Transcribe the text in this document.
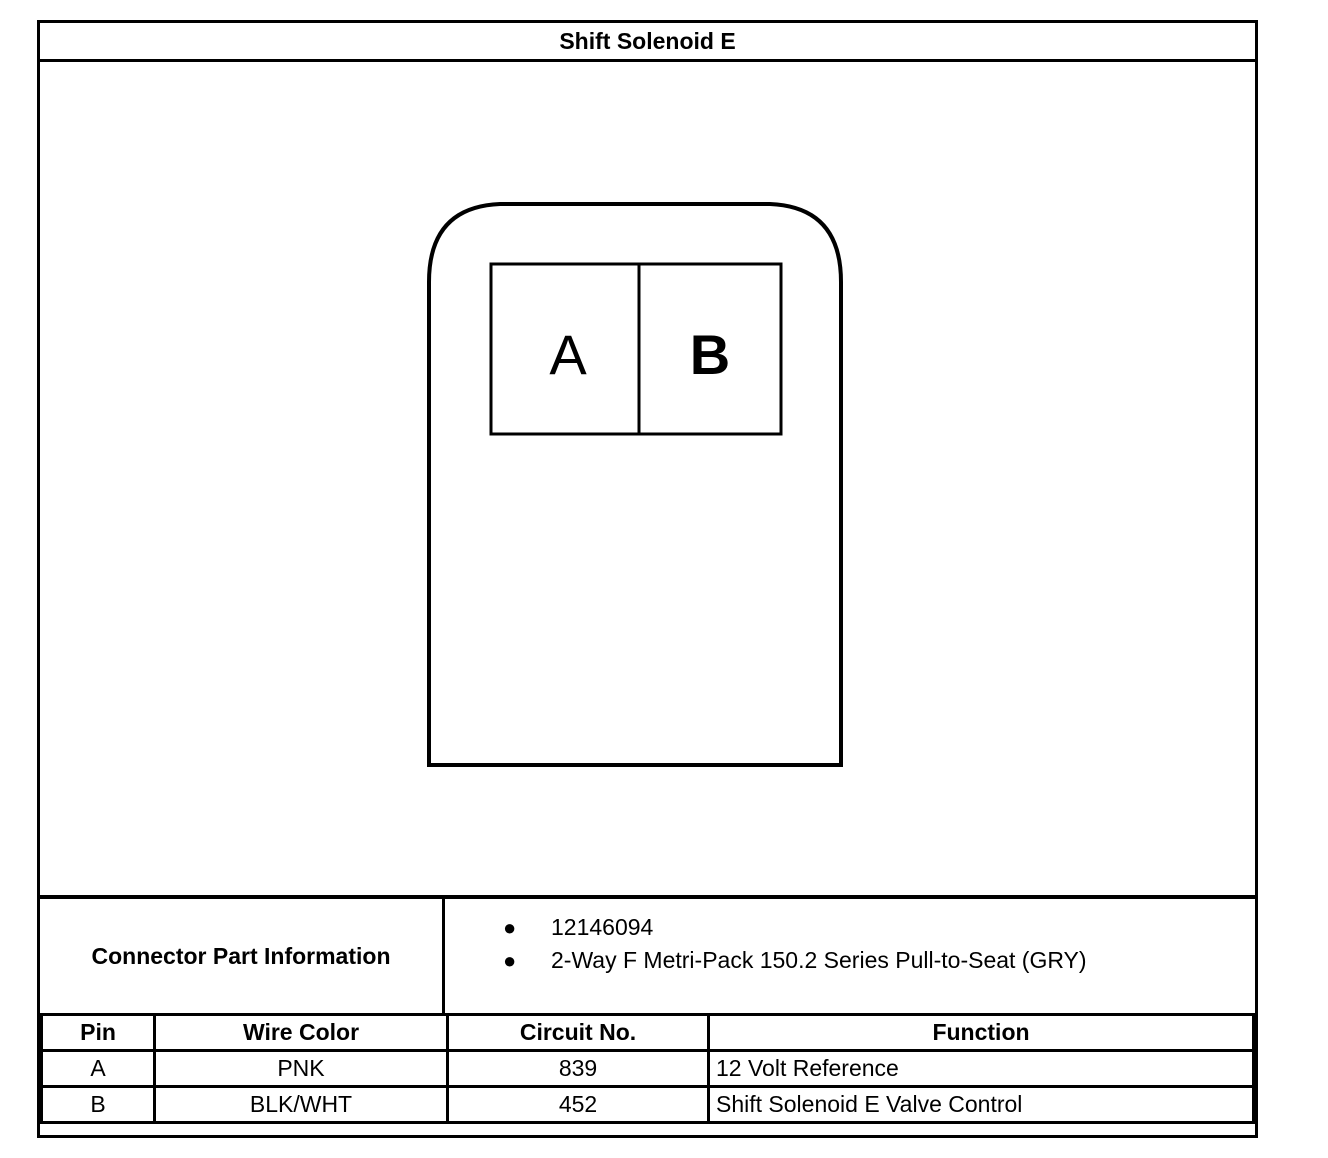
Shift Solenoid E
A B
Connector Part Information
● 12146094
● 2-Way F Metri-Pack 150.2 Series Pull-to-Seat (GRY)
Pin	Wire Color	Circuit No.	Function
A	PNK	839	12 Volt Reference
B	BLK/WHT	452	Shift Solenoid E Valve Control
